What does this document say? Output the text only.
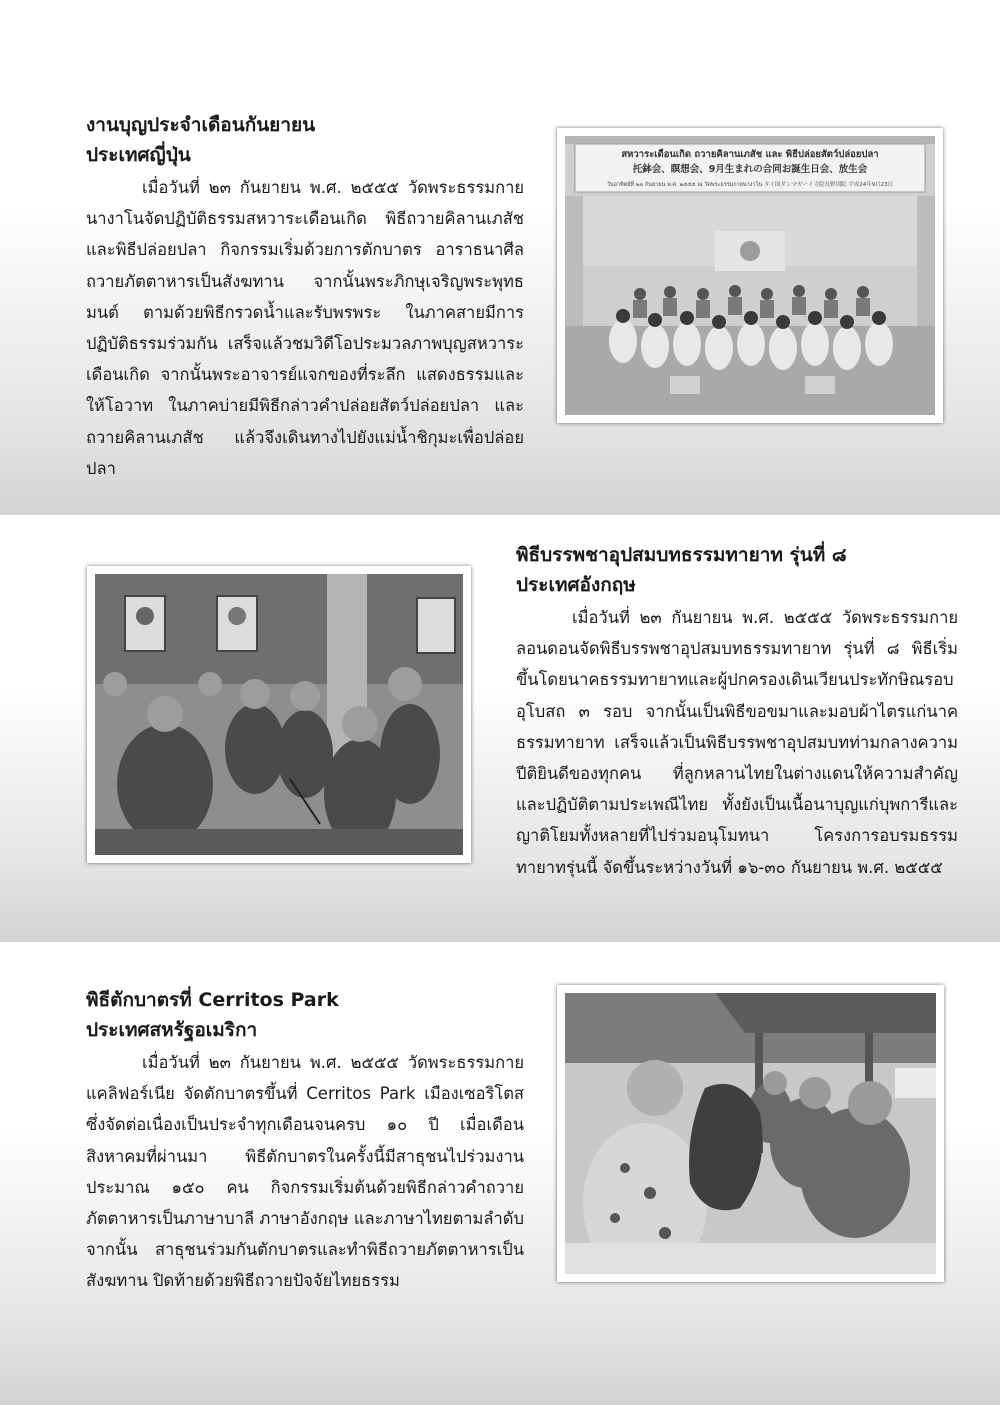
งานบุญประจำเดือนกันยายน
ประเทศญี่ปุ่น

เมื่อวันที่ ๒๓ กันยายน พ.ศ. ๒๕๕๕ วัดพระธรรมกายนางาโนจัดปฏิบัติธรรมสหวาระเดือนเกิด พิธีถวายคิลานเภสัช และพิธีปล่อยปลา กิจกรรมเริ่มด้วยการตักบาตร อาราธนาศีล ถวายภัตตาหารเป็นสังฆทาน จากนั้นพระภิกษุเจริญพระพุทธมนต์ ตามด้วยพิธีกรวดน้ำและรับพรพระ ในภาคสายมีการปฏิบัติธรรมร่วมกัน เสร็จแล้วชมวิดีโอประมวลภาพบุญสหวาระเดือนเกิด จากนั้นพระอาจารย์แจกของที่ระลึก แสดงธรรมและให้โอวาท ในภาคบ่ายมีพิธีกล่าวคำปล่อยสัตว์ปล่อยปลา และถวายคิลานเภสัช แล้วจึงเดินทางไปยังแม่น้ำชิกุมะเพื่อปล่อยปลา

สหวาระเดือนเกิด ถวายคิลานเภสัช และ พิธีปล่อยสัตว์ปล่อยปลา
托鉢会、瞑想会、9月生まれの合同お誕生日会、放生会
วันอาทิตย์ที่ ๒๓ กันยายน พ.ศ. ๒๕๕๕ ณ วัดพระธรรมกายนางาโน タイ国ダンマガーイ寺院長野別院 平成24年9月23日

พิธีบรรพชาอุปสมบทธรรมทายาท รุ่นที่ ๘
ประเทศอังกฤษ

เมื่อวันที่ ๒๓ กันยายน พ.ศ. ๒๕๕๕ วัดพระธรรมกายลอนดอนจัดพิธีบรรพชาอุปสมบทธรรมทายาท รุ่นที่ ๘ พิธีเริ่มขึ้นโดยนาคธรรมทายาทและผู้ปกครองเดินเวียนประทักษิณรอบอุโบสถ ๓ รอบ จากนั้นเป็นพิธีขอขมาและมอบผ้าไตรแก่นาคธรรมทายาท เสร็จแล้วเป็นพิธีบรรพชาอุปสมบทท่ามกลางความปีติยินดีของทุกคน ที่ลูกหลานไทยในต่างแดนให้ความสำคัญและปฏิบัติตามประเพณีไทย ทั้งยังเป็นเนื้อนาบุญแก่บุพการีและญาติโยมทั้งหลายที่ไปร่วมอนุโมทนา โครงการอบรมธรรมทายาทรุ่นนี้ จัดขึ้นระหว่างวันที่ ๑๖-๓๐ กันยายน พ.ศ. ๒๕๕๕

พิธีตักบาตรที่ Cerritos Park
ประเทศสหรัฐอเมริกา

เมื่อวันที่ ๒๓ กันยายน พ.ศ. ๒๕๕๕ วัดพระธรรมกายแคลิฟอร์เนีย จัดตักบาตรขึ้นที่ Cerritos Park เมืองเซอริโตส ซึ่งจัดต่อเนื่องเป็นประจำทุกเดือนจนครบ ๑๐ ปี เมื่อเดือนสิงหาคมที่ผ่านมา พิธีตักบาตรในครั้งนี้มีสาธุชนไปร่วมงานประมาณ ๑๕๐ คน กิจกรรมเริ่มต้นด้วยพิธีกล่าวคำถวายภัตตาหารเป็นภาษาบาลี ภาษาอังกฤษ และภาษาไทยตามลำดับ จากนั้น สาธุชนร่วมกันตักบาตรและทำพิธีถวายภัตตาหารเป็นสังฆทาน ปิดท้ายด้วยพิธีถวายปัจจัยไทยธรรม
